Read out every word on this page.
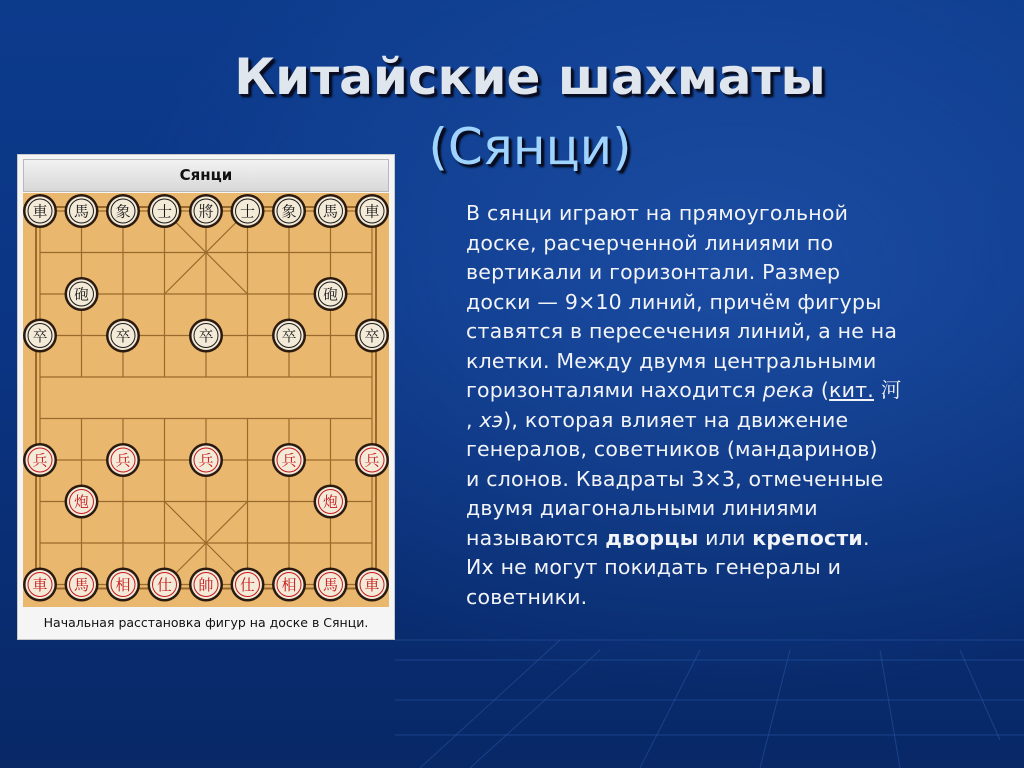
Китайские шахматы
(Сянци)
Сянци
車 馬 象 士 將 士 象 馬 車
砲	砲
卒	卒	卒	卒	卒
兵	兵	兵	兵	兵
炮	炮
車 馬 相 仕 帥 仕 相 馬 車
Начальная расстановка фигур на доске в Сянци.
В сянци играют на прямоугольной
доске, расчерченной линиями по
вертикали и горизонтали. Размер
доски — 9×10 линий, причём фигуры
ставятся в пересечения линий, а не на
клетки. Между двумя центральными
горизонталями находится река (кит. 河
, хэ), которая влияет на движение
генералов, советников (мандаринов)
и слонов. Квадраты 3×3, отмеченные
двумя диагональными линиями
называются дворцы или крепости.
Их не могут покидать генералы и
советники.
